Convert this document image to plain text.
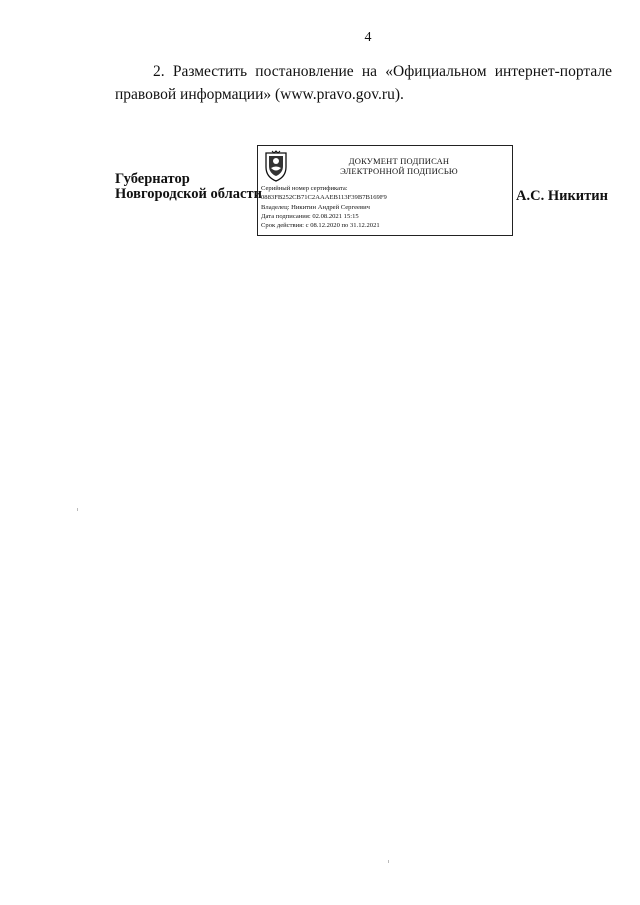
4
2. Разместить постановление на «Официальном интернет-портале
правовой информации» (www.pravo.gov.ru).
Губернатор
Новгородской области
ДОКУМЕНТ ПОДПИСАН
ЭЛЕКТРОННОЙ ПОДПИСЬЮ
Серийный номер сертификата:
0883FB252CB71C2AAAEB113F39B7B169F9
Владелец: Никитин Андрей Сергеевич
Дата подписания: 02.08.2021 15:15
Срок действия: с 08.12.2020 по 31.12.2021
А.С. Никитин
